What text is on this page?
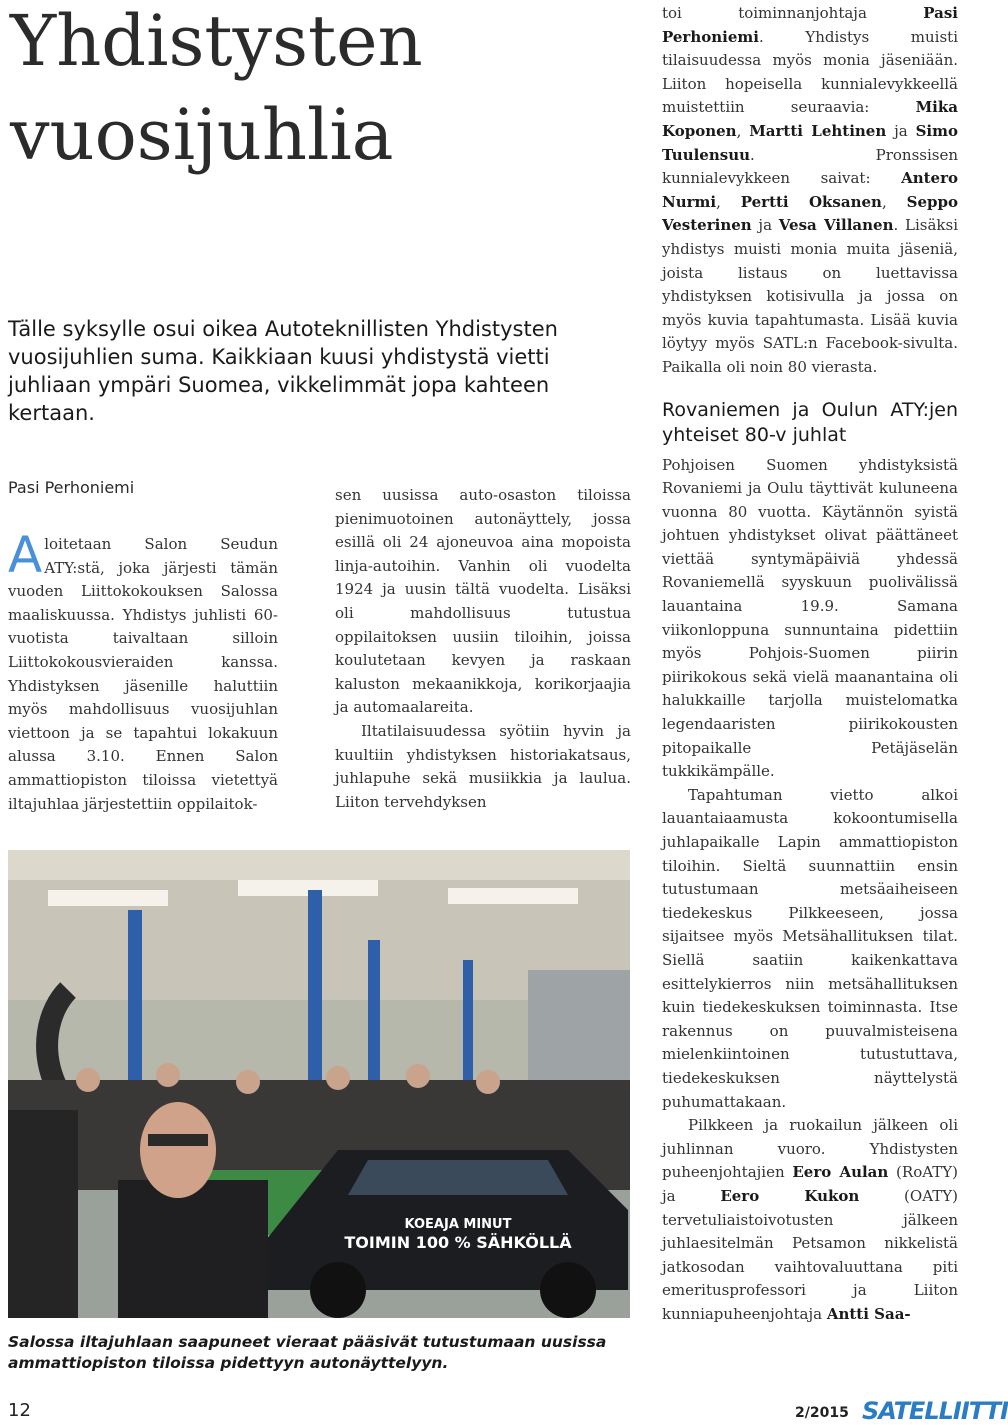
Yhdistysten
vuosijuhlia
Tälle syksylle osui oikea Autoteknillisten Yhdistysten vuosijuhlien suma. Kaikkiaan kuusi yhdistystä vietti juhliaan ympäri Suomea, vikkelimmät jopa kahteen kertaan.
Pasi Perhoniemi

Aloitetaan Salon Seudun ATY:stä, joka järjesti tämän vuoden Liittokokouksen Salossa maaliskuussa. Yhdistys juhlisti 60-vuotista taivaltaan silloin Liittokokousvieraiden kanssa. Yhdistyksen jäsenille haluttiin myös mahdollisuus vuosijuhlan viettoon ja se tapahtui lokakuun alussa 3.10. Ennen Salon ammattiopiston tiloissa vietettyä iltajuhlaa järjestettiin oppilaitok-

sen uusissa auto-osaston tiloissa pienimuotoinen autonäyttely, jossa esillä oli 24 ajoneuvoa aina mopoista linja-autoihin. Vanhin oli vuodelta 1924 ja uusin tältä vuodelta. Lisäksi oli mahdollisuus tutustua oppilaitoksen uusiin tiloihin, joissa koulutetaan kevyen ja raskaan kaluston mekaanikkoja, korikorjaajia ja automaalareita.

Iltatilaisuudessa syötiin hyvin ja kuultiin yhdistyksen historiakatsaus, juhlapuhe sekä musiikkia ja laulua. Liiton tervehdyksen

toi toiminnanjohtaja Pasi Perhoniemi. Yhdistys muisti tilaisuudessa myös monia jäseniään. Liiton hopeisella kunnialevykkeellä muistettiin seuraavia: Mika Koponen, Martti Lehtinen ja Simo Tuulensuu. Pronssisen kunnialevykkeen saivat: Antero Nurmi, Pertti Oksanen, Seppo Vesterinen ja Vesa Villanen. Lisäksi yhdistys muisti monia muita jäseniä, joista listaus on luettavissa yhdistyksen kotisivulla ja jossa on myös kuvia tapahtumasta. Lisää kuvia löytyy myös SATL:n Facebook-sivulta. Paikalla oli noin 80 vierasta.

Rovaniemen ja Oulun ATY:jen yhteiset 80-v juhlat

Pohjoisen Suomen yhdistyksistä Rovaniemi ja Oulu täyttivät kuluneena vuonna 80 vuotta. Käytännön syistä johtuen yhdistykset olivat päättäneet viettää syntymäpäiviä yhdessä Rovaniemellä syyskuun puolivälissä lauantaina 19.9. Samana viikonloppuna sunnuntaina pidettiin myös Pohjois-Suomen piirin piirikokous sekä vielä maanantaina oli halukkaille tarjolla muistelomatka legendaaristen piirikokousten pitopaikalle Petäjäselän tukkikämpälle.

Tapahtuman vietto alkoi lauantaiaamusta kokoontumisella juhlapaikalle Lapin ammattiopiston tiloihin. Sieltä suunnattiin ensin tutustumaan metsäaiheiseen tiedekeskus Pilkkeeseen, jossa sijaitsee myös Metsähallituksen tilat. Siellä saatiin kaikenkattava esittelykierros niin metsähallituksen kuin tiedekeskuksen toiminnasta. Itse rakennus on puuvalmisteisena mielenkiintoinen tutustuttava, tiedekeskuksen näyttelystä puhumattakaan.

Pilkkeen ja ruokailun jälkeen oli juhlinnan vuoro. Yhdistysten puheenjohtajien Eero Aulan (RoATY) ja Eero Kukon (OATY) tervetuliaistoivotusten jälkeen juhlaesitelmän Petsamon nikkelistä jatkosodan vaihtovaluuttana piti emeritusprofessori ja Liiton kunniapuheenjohtaja Antti Saa-

KOEAJA MINUT
TOIMIN 100 % SÄHKÖLLÄ
Salossa iltajuhlaan saapuneet vieraat pääsivät tutustumaan uusissa ammattiopiston tiloissa pidettyyn autonäyttelyyn.
12	2/2015 SATELLIITTI
